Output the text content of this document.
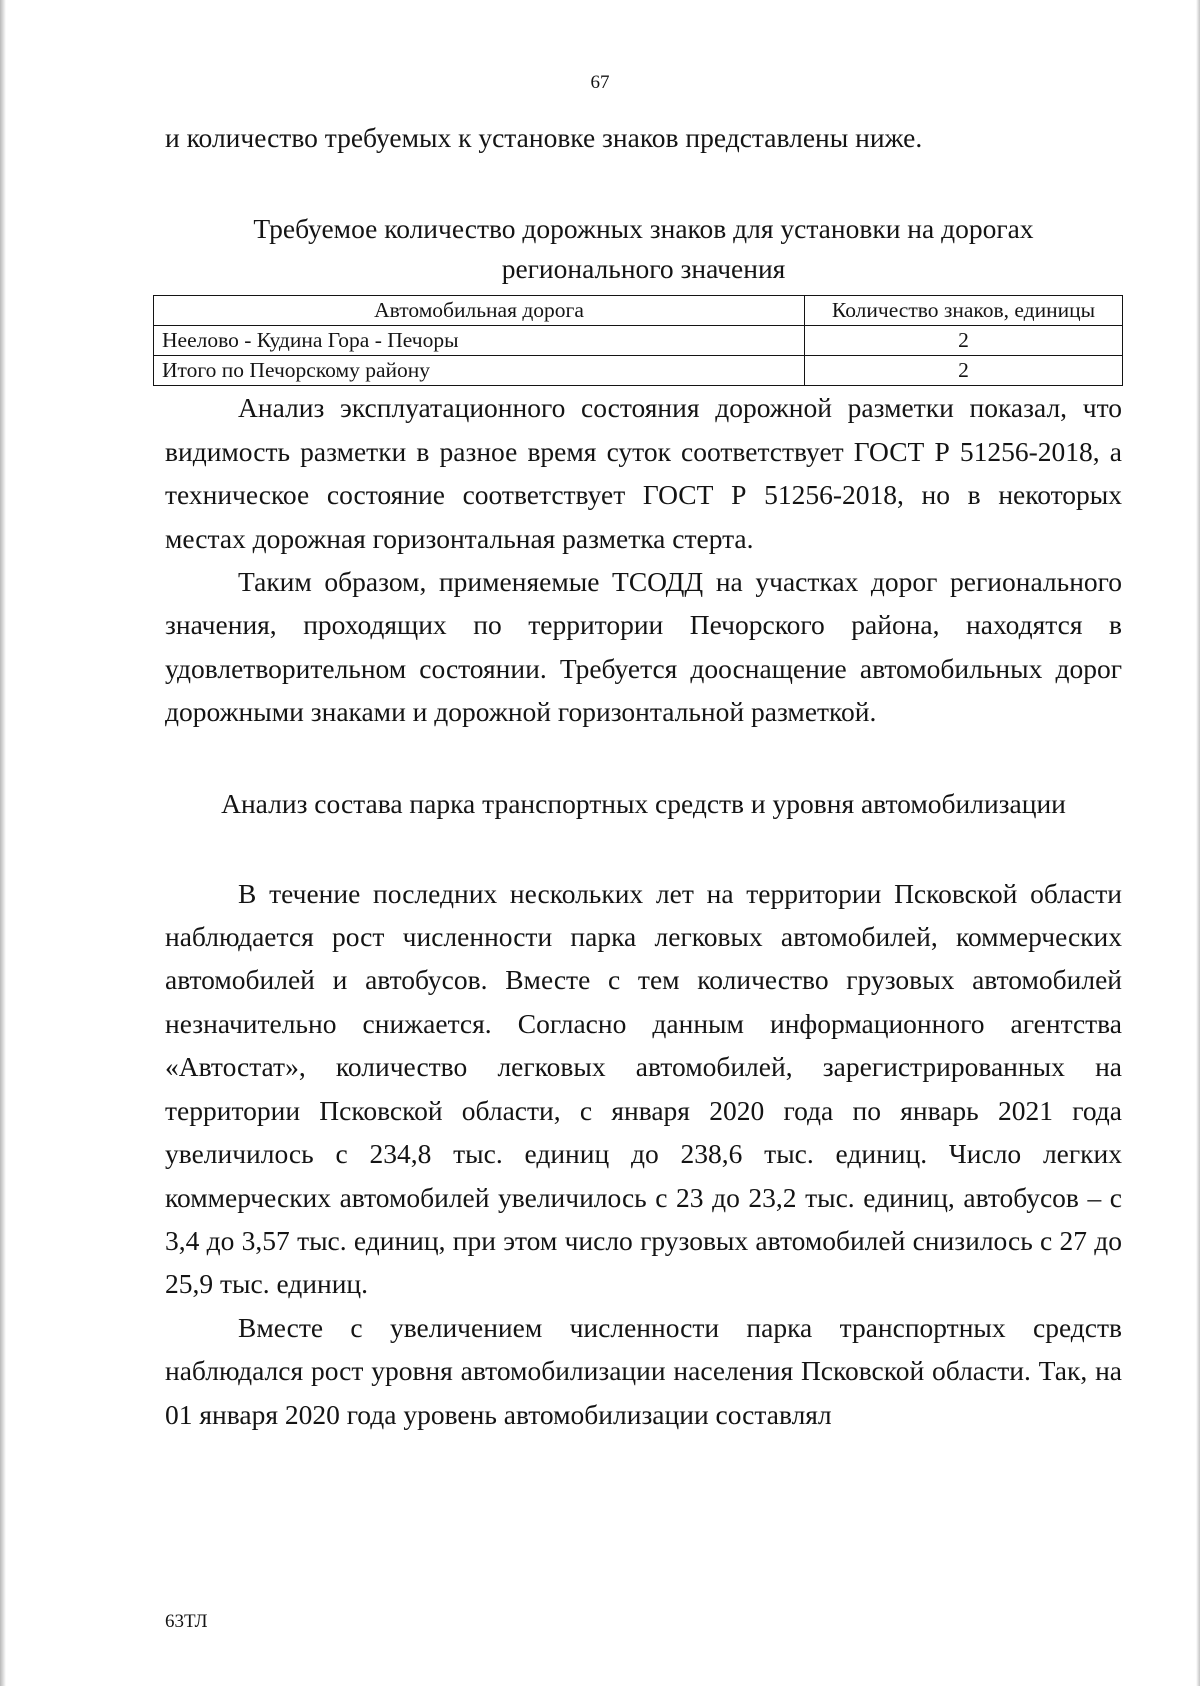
67

и количество требуемых к установке знаков представлены ниже.

Требуемое количество дорожных знаков для установки на дорогах

регионального значения

Автомобильная дорога	Количество знаков, единицы
Неелово - Кудина Гора - Печоры	2
Итого по Печорскому району	2

Анализ эксплуатационного состояния дорожной разметки показал, что видимость разметки в разное время суток соответствует ГОСТ Р 51256-2018, а техническое состояние соответствует ГОСТ Р 51256-2018, но в некоторых местах дорожная горизонтальная разметка стерта.

Таким образом, применяемые ТСОДД на участках дорог регионального значения, проходящих по территории Печорского района, находятся в удовлетворительном состоянии. Требуется дооснащение автомобильных дорог дорожными знаками и дорожной горизонтальной разметкой.

Анализ состава парка транспортных средств и уровня автомобилизации

В течение последних нескольких лет на территории Псковской области наблюдается рост численности парка легковых автомобилей, коммерческих автомобилей и автобусов. Вместе с тем количество грузовых автомобилей незначительно снижается. Согласно данным информационного агентства «Автостат», количество легковых автомобилей, зарегистрированных на территории Псковской области, с января 2020 года по январь 2021 года увеличилось с 234,8 тыс. единиц до 238,6 тыс. единиц. Число легких коммерческих автомобилей увеличилось с 23 до 23,2 тыс. единиц, автобусов – с 3,4 до 3,57 тыс. единиц, при этом число грузовых автомобилей снизилось с 27 до 25,9 тыс. единиц.

Вместе с увеличением численности парка транспортных средств наблюдался рост уровня автомобилизации населения Псковской области. Так, на 01 января 2020 года уровень автомобилизации составлял

63ТЛ
